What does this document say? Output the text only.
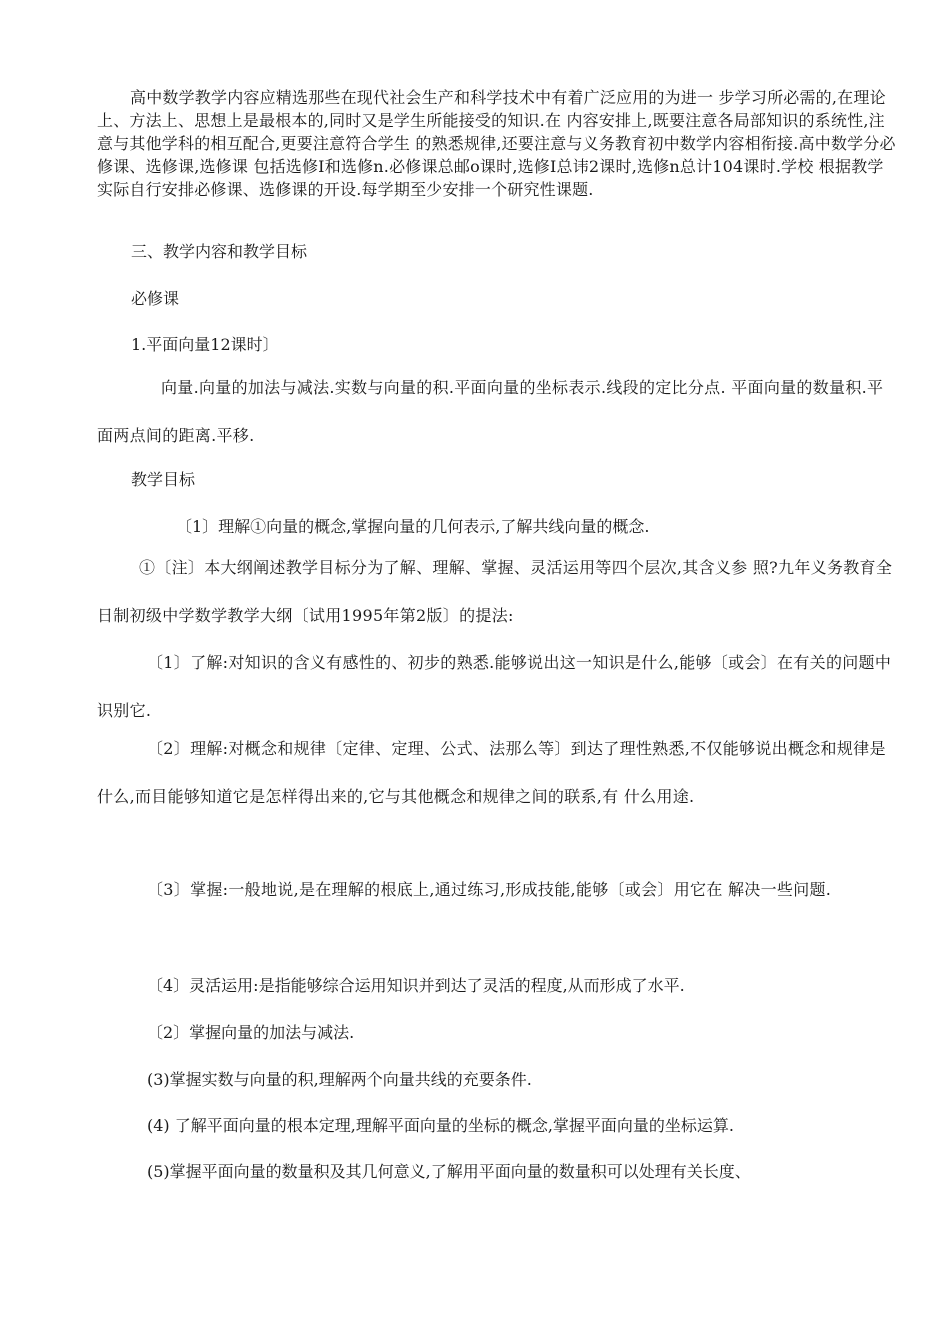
高中数学教学内容应精选那些在现代社会生产和科学技术中有着广泛应用的为进一 步学习所必需的,在理论上、方法上、思想上是最根本的,同时又是学生所能接受的知识.在 内容安排上,既要注意各局部知识的系统性,注意与其他学科的相互配合,更要注意符合学生 的熟悉规律,还要注意与义务教育初中数学内容相衔接.高中数学分必修课、选修课,选修课 包括选修Ⅰ和选修n.必修课总邮o课时,选修Ⅰ总讳2课时,选修n总计104课时.学校 根据教学实际自行安排必修课、选修课的开设.每学期至少安排一个研究性课题.

三、教学内容和教学目标

必修课

1.平面向量12课时〕

向量.向量的加法与减法.实数与向量的积.平面向量的坐标表示.线段的定比分点. 平面向量的数量积.平面两点间的距离.平移.

教学目标

〔1〕理解①向量的概念,掌握向量的几何表示,了解共线向量的概念.

①〔注〕本大纲阐述教学目标分为了解、理解、掌握、灵活运用等四个层次,其含义参 照?九年义务教育全日制初级中学数学教学大纲〔试用1995年第2版〕的提法:

〔1〕了解:对知识的含义有感性的、初步的熟悉.能够说出这一知识是什么,能够〔或会〕在有关的问题中识别它.

〔2〕理解:对概念和规律〔定律、定理、公式、法那么等〕到达了理性熟悉,不仅能够说出概念和规律是什么,而目能够知道它是怎样得出来的,它与其他概念和规律之间的联系,有 什么用途.

〔3〕掌握:一般地说,是在理解的根底上,通过练习,形成技能,能够〔或会〕用它在 解决一些问题.

〔4〕灵活运用:是指能够综合运用知识并到达了灵活的程度,从而形成了水平.

〔2〕掌握向量的加法与减法.

(3)掌握实数与向量的积,理解两个向量共线的充要条件.

(4) 了解平面向量的根本定理,理解平面向量的坐标的概念,掌握平面向量的坐标运算.

(5)掌握平面向量的数量积及其几何意义,了解用平面向量的数量积可以处理有关长度、
